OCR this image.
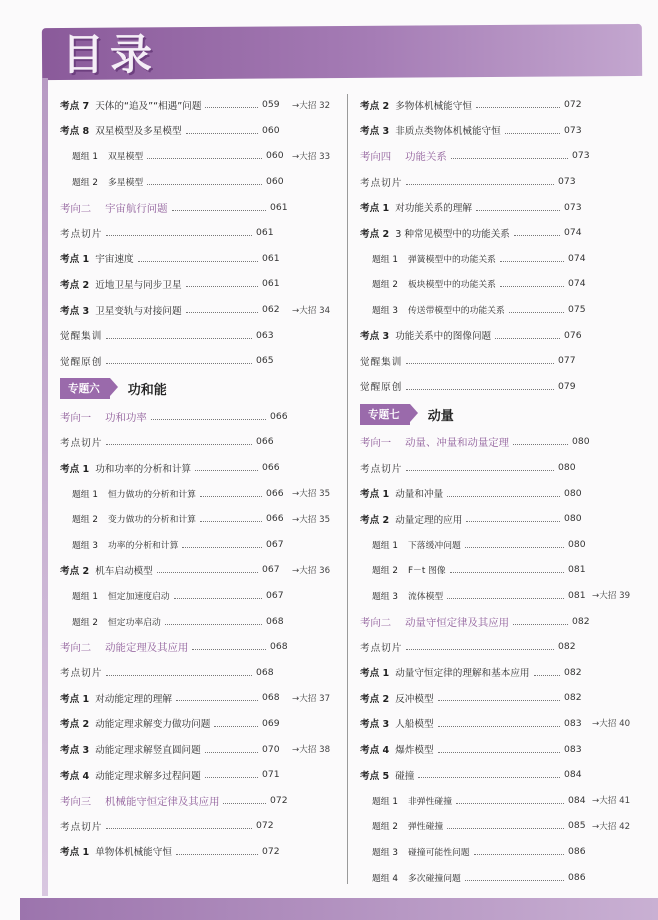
目录
考点 7 天体的“追及”“相遇”问题	059 →大招 32
考点 8 双星模型及多星模型	060
题组 1 双星模型	060 →大招 33
题组 2 多星模型	060
考向二 宇宙航行问题	061
考点切片	061
考点 1 宇宙速度	061
考点 2 近地卫星与同步卫星	061
考点 3 卫星变轨与对接问题	062 →大招 34
觉醒集训	063
觉醒原创	065
专题六	功和能
考向一 功和功率	066
考点切片	066
考点 1 功和功率的分析和计算	066
题组 1 恒力做功的分析和计算	066 →大招 35
题组 2 变力做功的分析和计算	066 →大招 35
题组 3 功率的分析和计算	067
考点 2 机车启动模型	067 →大招 36
题组 1 恒定加速度启动	067
题组 2 恒定功率启动	068
考向二 动能定理及其应用	068
考点切片	068
考点 1 对动能定理的理解	068 →大招 37
考点 2 动能定理求解变力做功问题	069
考点 3 动能定理求解竖直圆问题	070 →大招 38
考点 4 动能定理求解多过程问题	071
考向三 机械能守恒定律及其应用	072
考点切片	072
考点 1 单物体机械能守恒	072
考点 2 多物体机械能守恒	072
考点 3 非质点类物体机械能守恒	073
考向四 功能关系	073
考点切片	073
考点 1 对功能关系的理解	073
考点 2 3 种常见模型中的功能关系	074
题组 1 弹簧模型中的功能关系	074
题组 2 板块模型中的功能关系	074
题组 3 传送带模型中的功能关系	075
考点 3 功能关系中的图像问题	076
觉醒集训	077
觉醒原创	079
专题七	动量
考向一 动量、冲量和动量定理	080
考点切片	080
考点 1 动量和冲量	080
考点 2 动量定理的应用	080
题组 1 下落缓冲问题	080
题组 2 F－t 图像	081
题组 3 流体模型	081 →大招 39
考向二 动量守恒定律及其应用	082
考点切片	082
考点 1 动量守恒定律的理解和基本应用	082
考点 2 反冲模型	082
考点 3 人船模型	083 →大招 40
考点 4 爆炸模型	083
考点 5 碰撞	084
题组 1 非弹性碰撞	084 →大招 41
题组 2 弹性碰撞	085 →大招 42
题组 3 碰撞可能性问题	086
题组 4 多次碰撞问题	086
